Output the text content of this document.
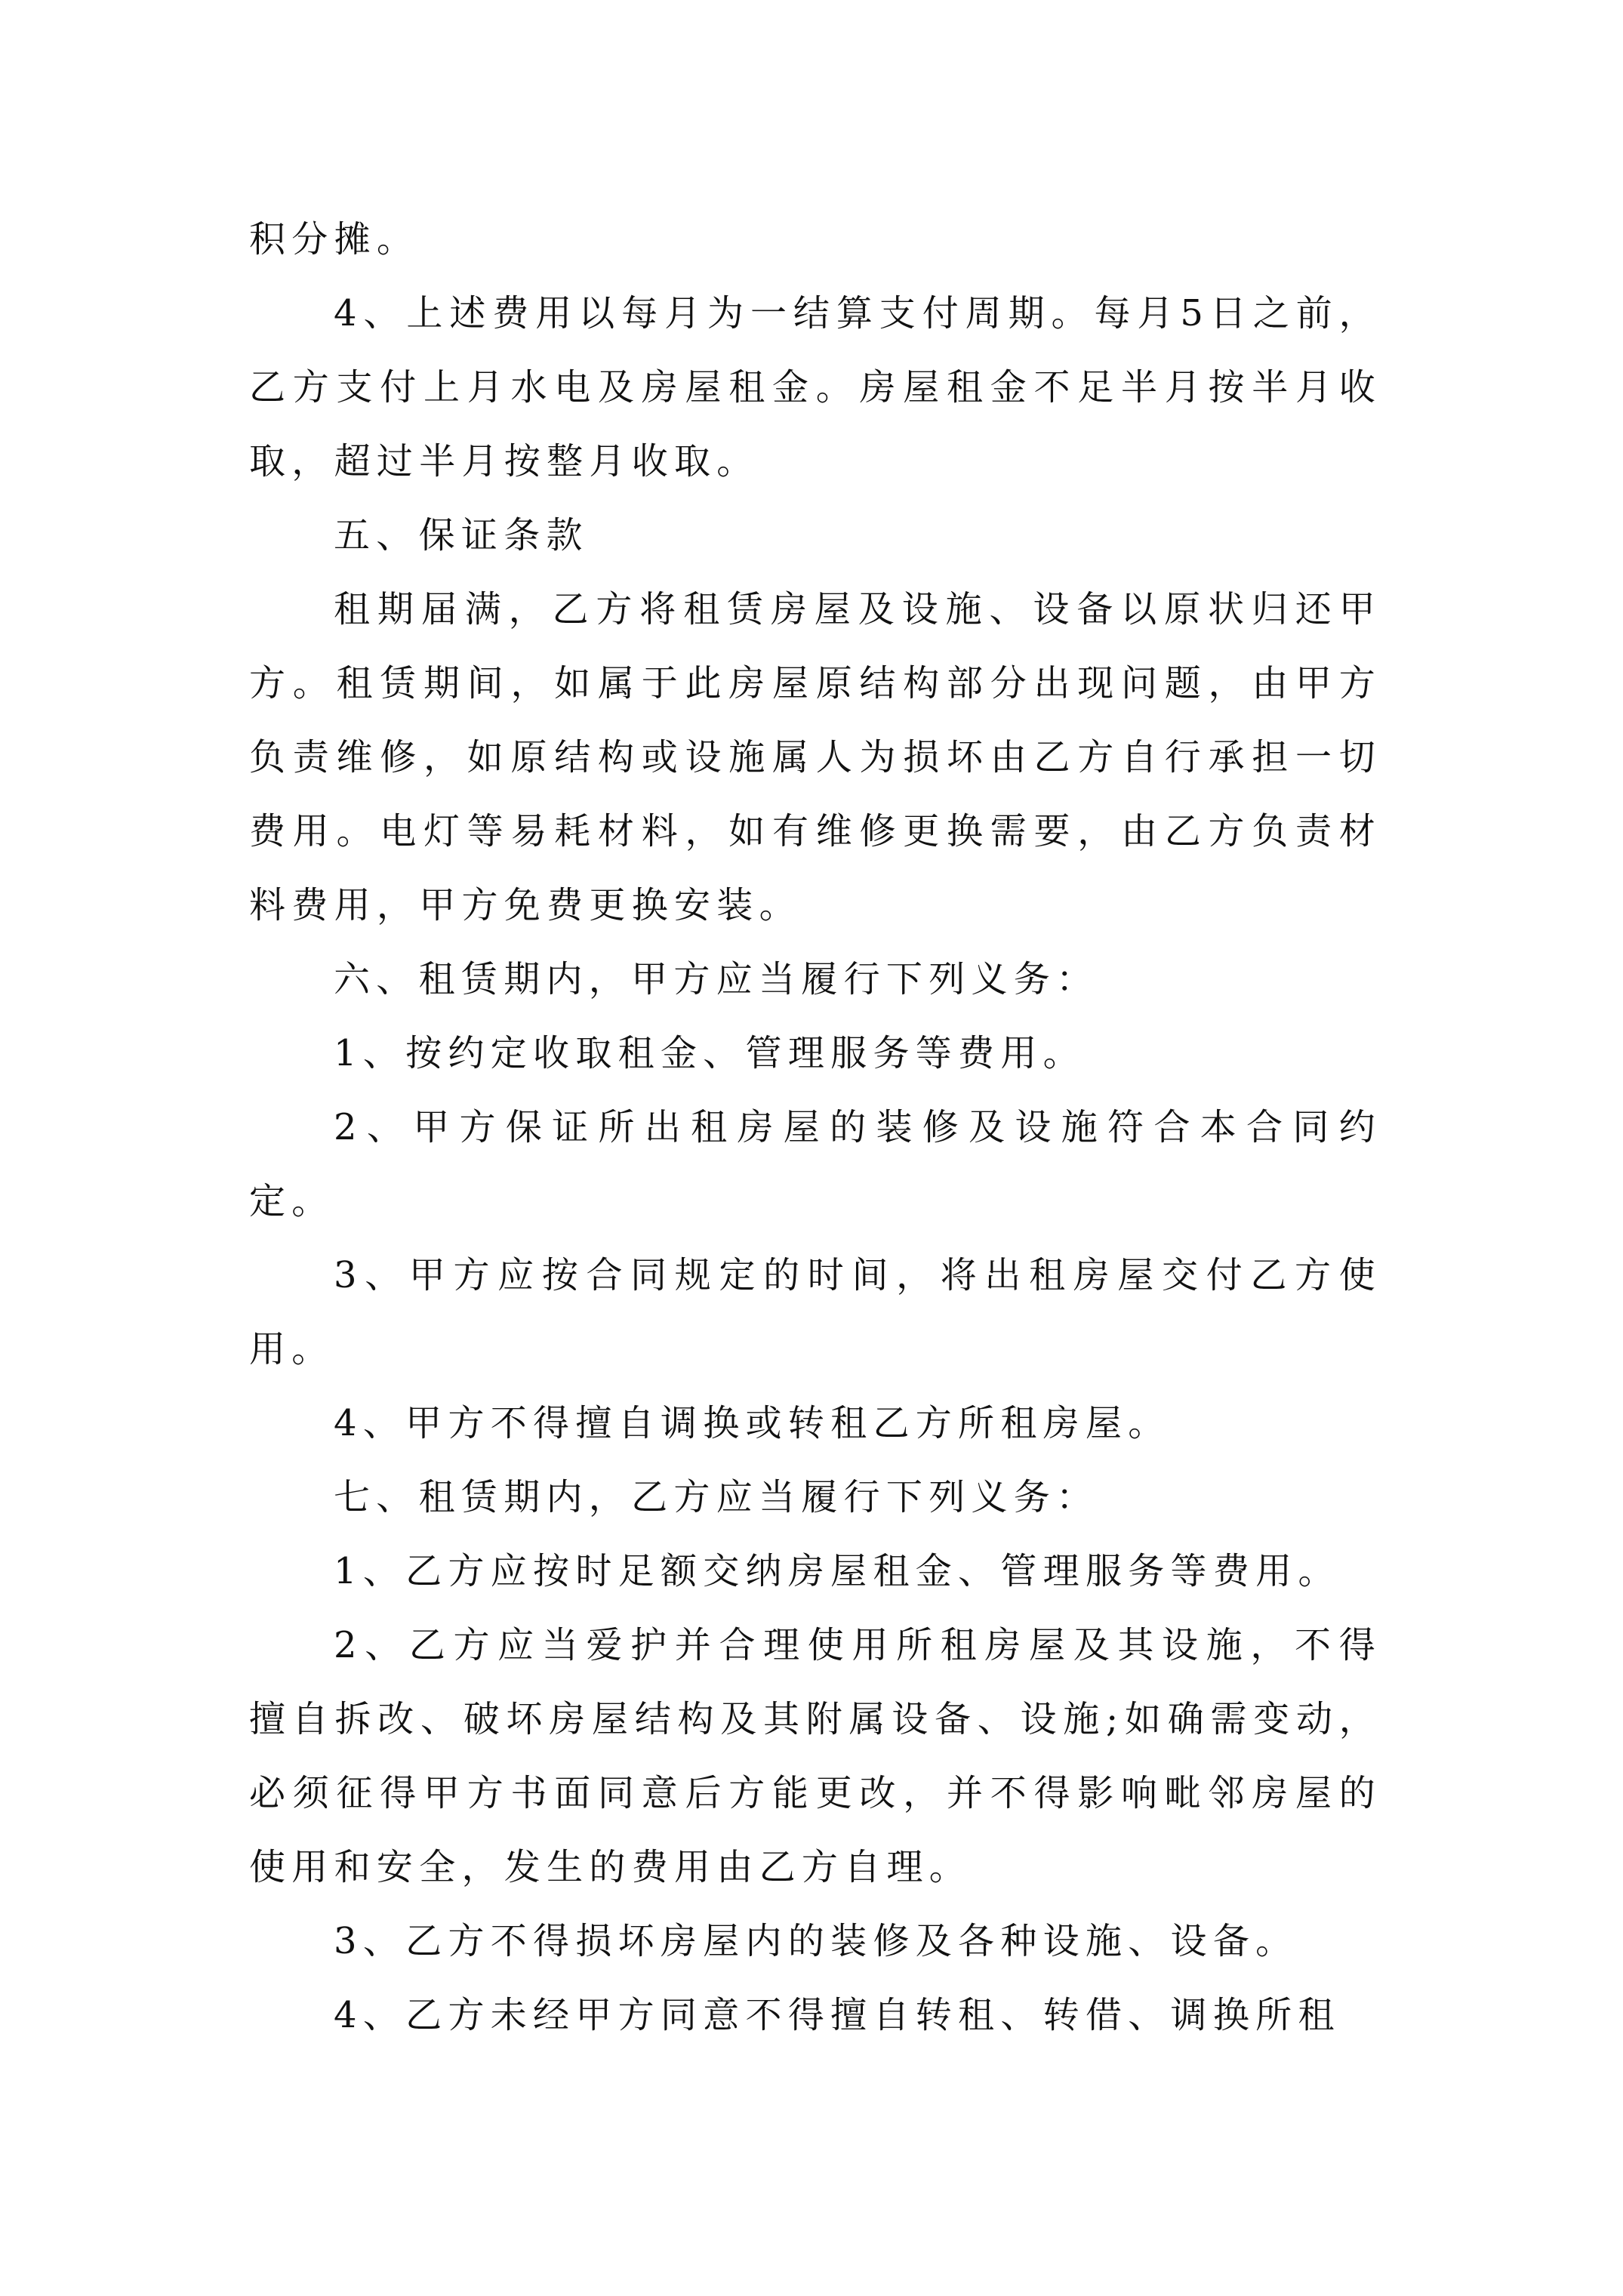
积分摊。

4、上述费用以每月为一结算支付周期。每月5日之前，乙方支付上月水电及房屋租金。房屋租金不足半月按半月收取，超过半月按整月收取。

五、保证条款

租期届满，乙方将租赁房屋及设施、设备以原状归还甲方。租赁期间，如属于此房屋原结构部分出现问题，由甲方负责维修，如原结构或设施属人为损坏由乙方自行承担一切费用。电灯等易耗材料，如有维修更换需要，由乙方负责材料费用，甲方免费更换安装。

六、租赁期内，甲方应当履行下列义务：

1、按约定收取租金、管理服务等费用。

2、甲方保证所出租房屋的装修及设施符合本合同约定。

3、甲方应按合同规定的时间，将出租房屋交付乙方使用。

4、甲方不得擅自调换或转租乙方所租房屋。

七、租赁期内，乙方应当履行下列义务：

1、乙方应按时足额交纳房屋租金、管理服务等费用。

2、乙方应当爱护并合理使用所租房屋及其设施，不得擅自拆改、破坏房屋结构及其附属设备、设施;如确需变动，必须征得甲方书面同意后方能更改，并不得影响毗邻房屋的使用和安全，发生的费用由乙方自理。

3、乙方不得损坏房屋内的装修及各种设施、设备。

4、乙方未经甲方同意不得擅自转租、转借、调换所租
